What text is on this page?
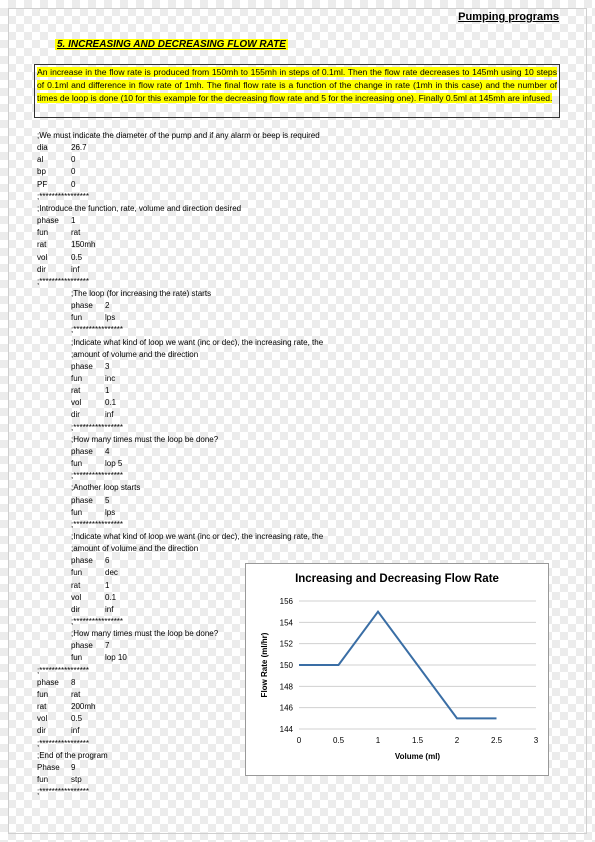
Pumping programs
5. INCREASING AND DECREASING FLOW RATE

An increase in the flow rate is produced from 150mh to 155mh in steps of 0.1ml. Then the flow rate decreases to 145mh using 10 steps of 0.1ml and difference in flow rate of 1mh. The final flow rate is a function of the change in rate (1mh in this case) and the number of times de loop is done (10 for this example for the decreasing flow rate and 5 for the increasing one). Finally 0.5ml at 145mh are infused.

;We must indicate the diameter of the pump and if any alarm or beep is required
dia	26.7
al	0
bp	0
PF	0
;****************
;Introduce the function, rate, volume and direction desired
phase 1
fun	rat
rat	150mh
vol	0.5
dir	inf
;****************
;The loop (for increasing the rate) starts
phase 2
fun	lps
;****************
;Indicate what kind of loop we want (inc or dec), the increasing rate, the
;amount of volume and the direction
phase 3
fun	inc
rat	1
vol	0.1
dir	inf
;****************
;How many times must the loop be done?
phase 4
fun	lop 5
;****************
;Another loop starts
phase 5
fun	lps
;****************
;Indicate what kind of loop we want (inc or dec), the increasing rate, the
;amount of volume and the direction
phase 6
fun	dec
rat	1
vol	0.1
dir	inf
;****************
;How many times must the loop be done?
phase 7
fun	lop 10
;****************
phase 8
fun	rat
rat	200mh
vol	0.5
dir	inf
;****************
;End of the program
Phase 9
fun	stp
;****************
Increasing and Decreasing Flow Rate
144
146
148
150
152
154
156
0	0.5	1	1.5	2	2.5	3
Volume (ml)
Flow Rate (ml/hr)
